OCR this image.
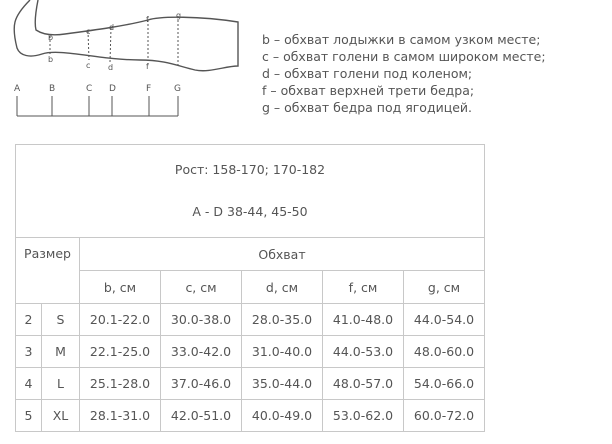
b
c d
f	g
b
c d	f
A	B	C D	F	G
b – обхват лодыжки в самом узком месте;
c – обхват голени в самом широком месте;
d – обхват голени под коленом;
f – обхват верхней трети бедра;
g – обхват бедра под ягодицей.
Рост: 158-170; 170-182
A - D 38-44, 45-50						

Размер		Обхват				
		b, см	c, см	d, см	f, см	g, см
2	S	20.1-22.0	30.0-38.0	28.0-35.0	41.0-48.0	44.0-54.0
3	M	22.1-25.0	33.0-42.0	31.0-40.0	44.0-53.0	48.0-60.0
4	L	25.1-28.0	37.0-46.0	35.0-44.0	48.0-57.0	54.0-66.0
5	XL	28.1-31.0	42.0-51.0	40.0-49.0	53.0-62.0	60.0-72.0
